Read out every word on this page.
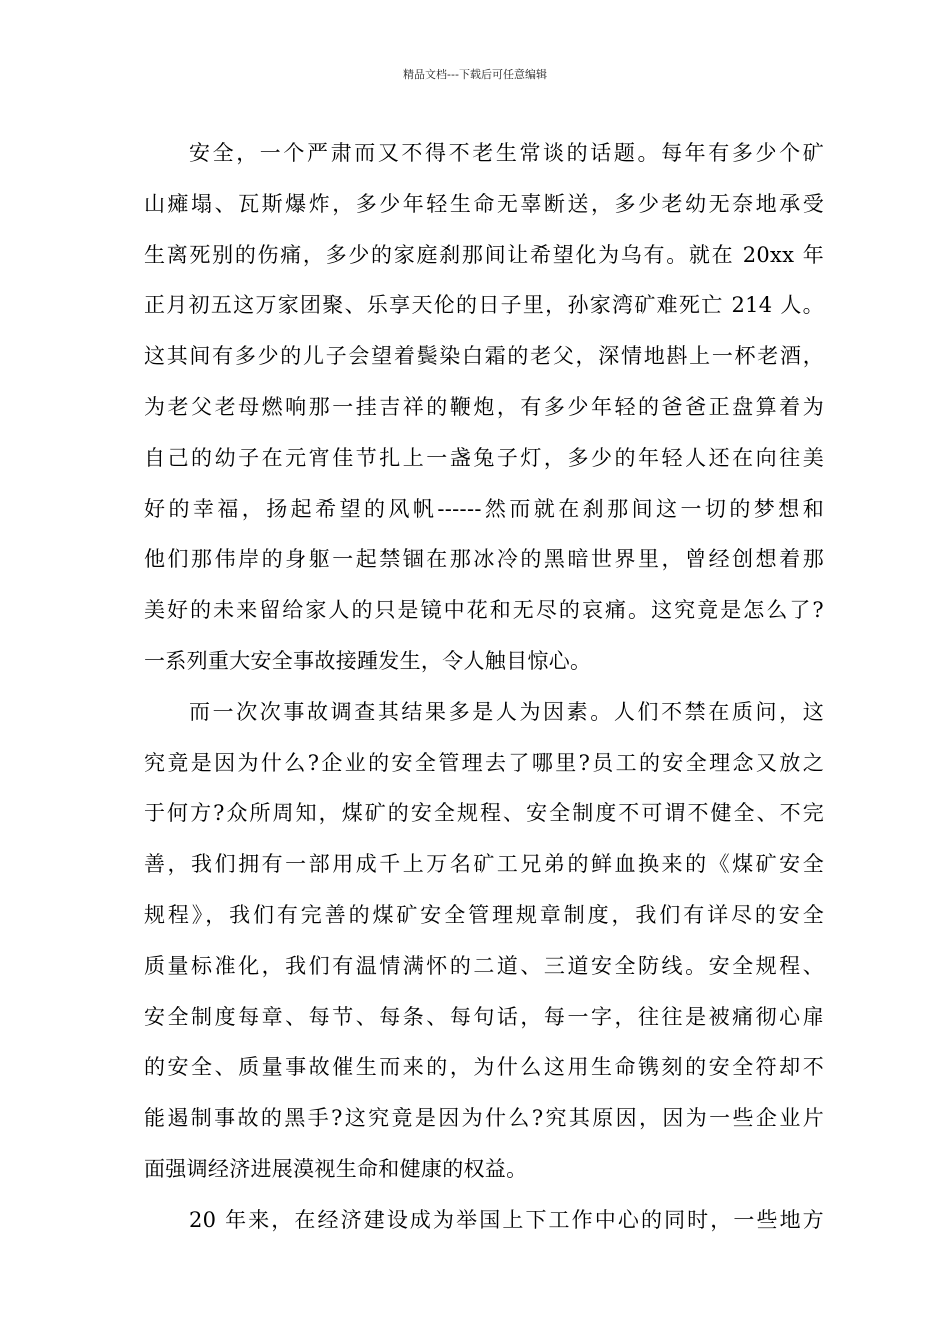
精品文档---下载后可任意编辑
安全，一个严肃而又不得不老生常谈的话题。每年有多少个矿
山瘫塌、瓦斯爆炸，多少年轻生命无辜断送，多少老幼无奈地承受
生离死别的伤痛，多少的家庭刹那间让希望化为乌有。就在 20xx 年
正月初五这万家团聚、乐享天伦的日子里，孙家湾矿难死亡 214 人。
这其间有多少的儿子会望着鬓染白霜的老父，深情地斟上一杯老酒，
为老父老母燃响那一挂吉祥的鞭炮，有多少年轻的爸爸正盘算着为
自己的幼子在元宵佳节扎上一盏兔子灯，多少的年轻人还在向往美
好的幸福，扬起希望的风帆------然而就在刹那间这一切的梦想和
他们那伟岸的身躯一起禁锢在那冰冷的黑暗世界里，曾经创想着那
美好的未来留给家人的只是镜中花和无尽的哀痛。这究竟是怎么了?
一系列重大安全事故接踵发生，令人触目惊心。
而一次次事故调查其结果多是人为因素。人们不禁在质问，这
究竟是因为什么?企业的安全管理去了哪里?员工的安全理念又放之
于何方?众所周知，煤矿的安全规程、安全制度不可谓不健全、不完
善，我们拥有一部用成千上万名矿工兄弟的鲜血换来的《煤矿安全
规程》，我们有完善的煤矿安全管理规章制度，我们有详尽的安全
质量标准化，我们有温情满怀的二道、三道安全防线。安全规程、
安全制度每章、每节、每条、每句话，每一字，往往是被痛彻心扉
的安全、质量事故催生而来的，为什么这用生命镌刻的安全符却不
能遏制事故的黑手?这究竟是因为什么?究其原因，因为一些企业片
面强调经济进展漠视生命和健康的权益。
20 年来，在经济建设成为举国上下工作中心的同时，一些地方
